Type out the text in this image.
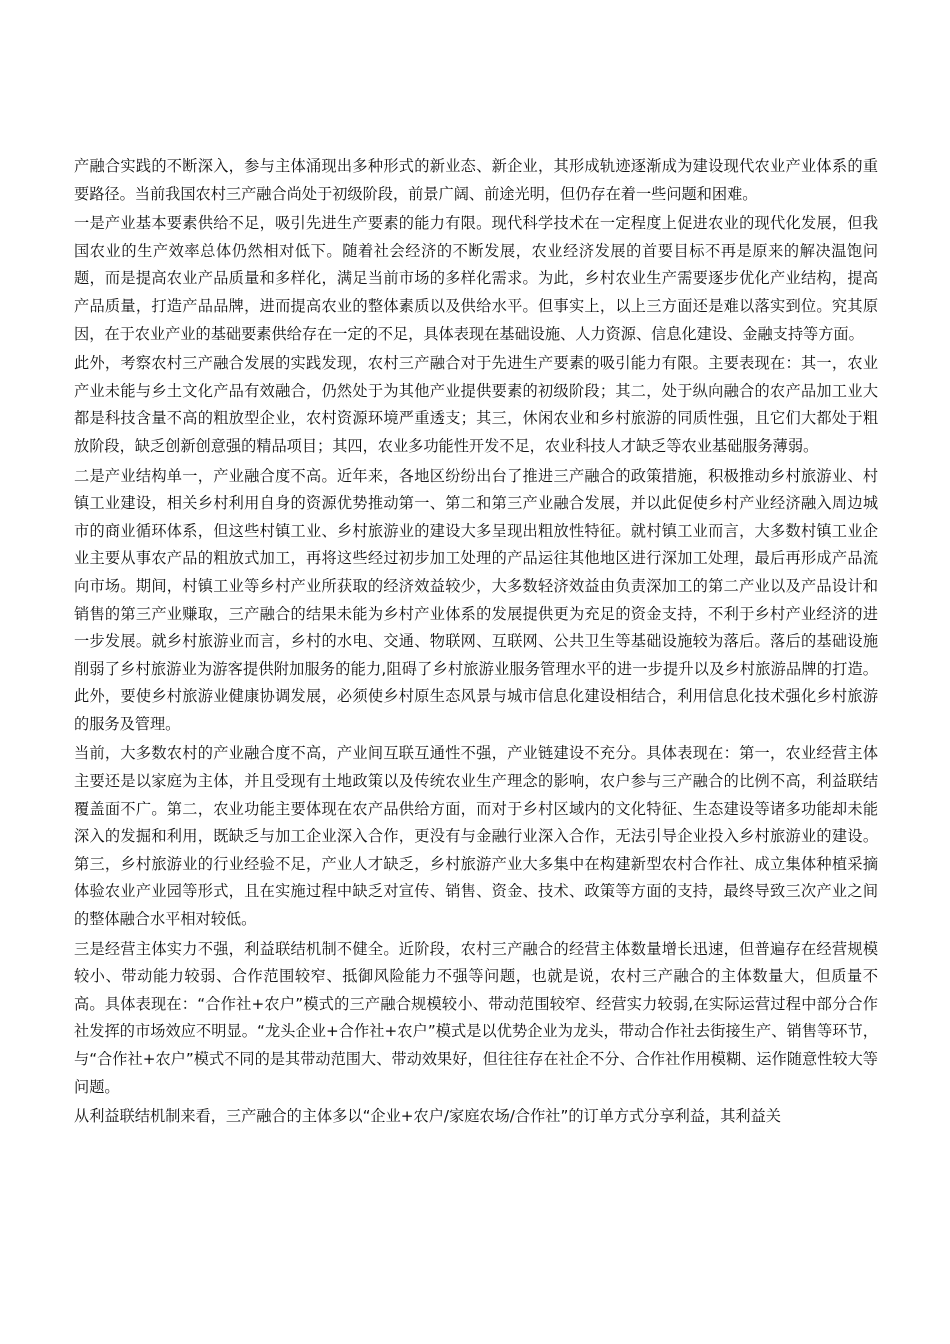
产融合实践的不断深入，参与主体涌现出多种形式的新业态、新企业，其形成轨迹逐渐成为建设现代农业产业体系的重要路径。当前我国农村三产融合尚处于初级阶段，前景广阔、前途光明，但仍存在着一些问题和困难。

一是产业基本要素供给不足，吸引先进生产要素的能力有限。现代科学技术在一定程度上促进农业的现代化发展，但我国农业的生产效率总体仍然相对低下。随着社会经济的不断发展，农业经济发展的首要目标不再是原来的解决温饱问题，而是提高农业产品质量和多样化，满足当前市场的多样化需求。为此，乡村农业生产需要逐步优化产业结构，提高产品质量，打造产品品牌，进而提高农业的整体素质以及供给水平。但事实上，以上三方面还是难以落实到位。究其原因，在于农业产业的基础要素供给存在一定的不足，具体表现在基础设施、人力资源、信息化建设、金融支持等方面。

此外，考察农村三产融合发展的实践发现，农村三产融合对于先进生产要素的吸引能力有限。主要表现在：其一，农业产业未能与乡土文化产品有效融合，仍然处于为其他产业提供要素的初级阶段；其二，处于纵向融合的农产品加工业大都是科技含量不高的粗放型企业，农村资源环境严重透支；其三，休闲农业和乡村旅游的同质性强，且它们大都处于粗放阶段，缺乏创新创意强的精品项目；其四，农业多功能性开发不足，农业科技人才缺乏等农业基础服务薄弱。

二是产业结构单一，产业融合度不高。近年来，各地区纷纷出台了推进三产融合的政策措施，积极推动乡村旅游业、村镇工业建设，相关乡村利用自身的资源优势推动第一、第二和第三产业融合发展，并以此促使乡村产业经济融入周边城市的商业循环体系，但这些村镇工业、乡村旅游业的建设大多呈现出粗放性特征。就村镇工业而言，大多数村镇工业企业主要从事农产品的粗放式加工，再将这些经过初步加工处理的产品运往其他地区进行深加工处理，最后再形成产品流向市场。期间，村镇工业等乡村产业所获取的经济效益较少，大多数轻济效益由负责深加工的第二产业以及产品设计和销售的第三产业赚取，三产融合的结果未能为乡村产业体系的发展提供更为充足的资金支持，不利于乡村产业经济的进一步发展。就乡村旅游业而言，乡村的水电、交通、物联网、互联网、公共卫生等基础设施较为落后。落后的基础设施削弱了乡村旅游业为游客提供附加服务的能力,阻碍了乡村旅游业服务管理水平的进一步提升以及乡村旅游品牌的打造。此外，要使乡村旅游业健康协调发展，必须使乡村原生态风景与城市信息化建设相结合，利用信息化技术强化乡村旅游的服务及管理。

当前，大多数农村的产业融合度不高，产业间互联互通性不强，产业链建设不充分。具体表现在：第一，农业经营主体主要还是以家庭为主体，并且受现有土地政策以及传统农业生产理念的影响，农户参与三产融合的比例不高，利益联结覆盖面不广。第二，农业功能主要体现在农产品供给方面，而对于乡村区域内的文化特征、生态建设等诸多功能却未能深入的发掘和利用，既缺乏与加工企业深入合作，更没有与金融行业深入合作，无法引导企业投入乡村旅游业的建设。第三，乡村旅游业的行业经验不足，产业人才缺乏，乡村旅游产业大多集中在构建新型农村合作社、成立集体种植采摘体验农业产业园等形式，且在实施过程中缺乏对宣传、销售、资金、技术、政策等方面的支持，最终导致三次产业之间的整体融合水平相对较低。

三是经营主体实力不强，利益联结机制不健全。近阶段，农村三产融合的经营主体数量增长迅速，但普遍存在经营规模较小、带动能力较弱、合作范围较窄、抵御风险能力不强等问题，也就是说，农村三产融合的主体数量大，但质量不高。具体表现在：“合作社+农户”模式的三产融合规模较小、带动范围较窄、经营实力较弱,在实际运营过程中部分合作社发挥的市场效应不明显。“龙头企业+合作社+农户”模式是以优势企业为龙头，带动合作社去街接生产、销售等环节，与“合作社+农户”模式不同的是其带动范围大、带动效果好，但往往存在社企不分、合作社作用模糊、运作随意性较大等问题。

从利益联结机制来看，三产融合的主体多以“企业+农户/家庭农场/合作社”的订单方式分享利益，其利益关
